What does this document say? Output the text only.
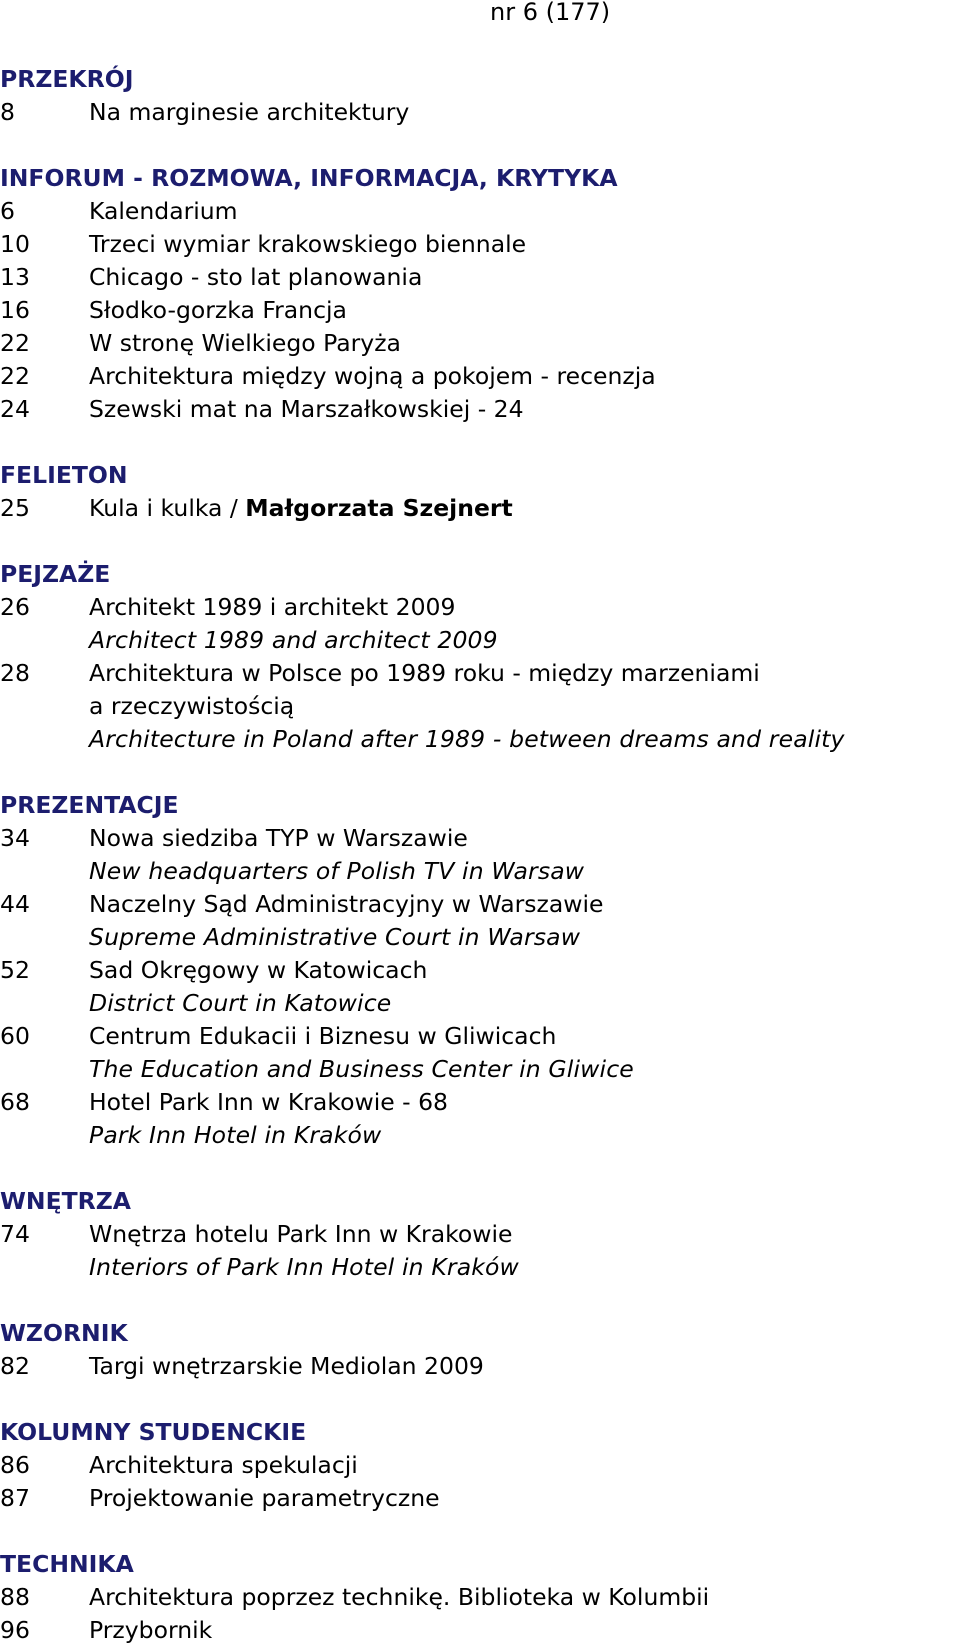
nr 6 (177)
PRZEKRÓJ
8	Na marginesie architektury
INFORUM - ROZMOWA, INFORMACJA, KRYTYKA
6	Kalendarium
10	Trzeci wymiar krakowskiego biennale
13	Chicago - sto lat planowania
16	Słodko-gorzka Francja
22	W stronę Wielkiego Paryża
22	Architektura między wojną a pokojem - recenzja
24	Szewski mat na Marszałkowskiej - 24
FELIETON
25	Kula i kulka / Małgorzata Szejnert
PEJZAŻE
26	Architekt 1989 i architekt 2009
Architect 1989 and architect 2009
28	Architektura w Polsce po 1989 roku - między marzeniami
a rzeczywistością
Architecture in Poland after 1989 - between dreams and reality
PREZENTACJE
34	Nowa siedziba TYP w Warszawie
New headquarters of Polish TV in Warsaw
44	Naczelny Sąd Administracyjny w Warszawie
Supreme Administrative Court in Warsaw
52	Sad Okręgowy w Katowicach
District Court in Katowice
60	Centrum Edukacii i Biznesu w Gliwicach
The Education and Business Center in Gliwice
68	Hotel Park Inn w Krakowie - 68
Park Inn Hotel in Kraków
WNĘTRZA
74	Wnętrza hotelu Park Inn w Krakowie
Interiors of Park Inn Hotel in Kraków
WZORNIK
82	Targi wnętrzarskie Mediolan 2009
KOLUMNY STUDENCKIE
86	Architektura spekulacji
87	Projektowanie parametryczne
TECHNIKA
88	Architektura poprzez technikę. Biblioteka w Kolumbii
96	Przybornik
